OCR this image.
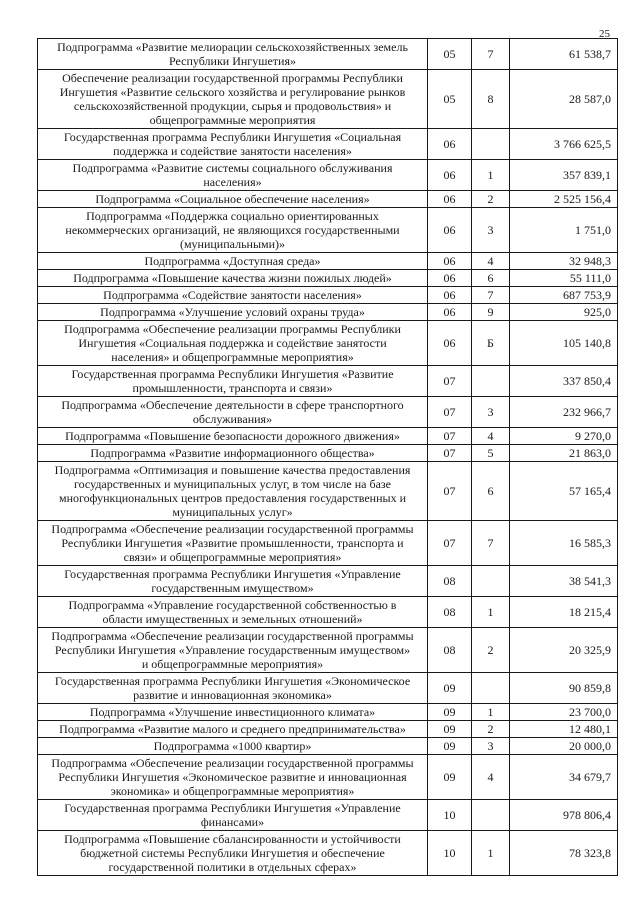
25
Подпрограмма «Развитие мелиорации сельскохозяйственных земель
Республики Ингушетия»	05	7	61 538,7
Обеспечение реализации государственной программы Республики
Ингушетия «Развитие сельского хозяйства и регулирование рынков
сельскохозяйственной продукции, сырья и продовольствия» и
общепрограммные мероприятия	05	8	28 587,0
Государственная программа Республики Ингушетия «Социальная
поддержка и содействие занятости населения»	06		3 766 625,5
Подпрограмма «Развитие системы социального обслуживания
населения»	06	1	357 839,1
Подпрограмма «Социальное обеспечение населения»	06	2	2 525 156,4
Подпрограмма «Поддержка социально ориентированных
некоммерческих организаций, не являющихся государственными
(муниципальными)»	06	3	1 751,0
Подпрограмма «Доступная среда»	06	4	32 948,3
Подпрограмма «Повышение качества жизни пожилых людей»	06	6	55 111,0
Подпрограмма «Содействие занятости населения»	06	7	687 753,9
Подпрограмма «Улучшение условий охраны труда»	06	9	925,0
Подпрограмма «Обеспечение реализации программы Республики
Ингушетия «Социальная поддержка и содействие занятости
населения» и общепрограммные мероприятия»	06	Б	105 140,8
Государственная программа Республики Ингушетия «Развитие
промышленности, транспорта и связи»	07		337 850,4
Подпрограмма «Обеспечение деятельности в сфере транспортного
обслуживания»	07	3	232 966,7
Подпрограмма «Повышение безопасности дорожного движения»	07	4	9 270,0
Подпрограмма «Развитие информационного общества»	07	5	21 863,0
Подпрограмма «Оптимизация и повышение качества предоставления
государственных и муниципальных услуг, в том числе на базе
многофункциональных центров предоставления государственных и
муниципальных услуг»	07	6	57 165,4
Подпрограмма «Обеспечение реализации государственной программы
Республики Ингушетия «Развитие промышленности, транспорта и
связи» и общепрограммные мероприятия»	07	7	16 585,3
Государственная программа Республики Ингушетия «Управление
государственным имуществом»	08		38 541,3
Подпрограмма «Управление государственной собственностью в
области имущественных и земельных отношений»	08	1	18 215,4
Подпрограмма «Обеспечение реализации государственной программы
Республики Ингушетия «Управление государственным имуществом»
и общепрограммные мероприятия»	08	2	20 325,9
Государственная программа Республики Ингушетия «Экономическое
развитие и инновационная экономика»	09		90 859,8
Подпрограмма «Улучшение инвестиционного климата»	09	1	23 700,0
Подпрограмма «Развитие малого и среднего предпринимательства»	09	2	12 480,1
Подпрограмма «1000 квартир»	09	3	20 000,0
Подпрограмма «Обеспечение реализации государственной программы
Республики Ингушетия «Экономическое развитие и инновационная
экономика» и общепрограммные мероприятия»	09	4	34 679,7
Государственная программа Республики Ингушетия «Управление
финансами»	10		978 806,4
Подпрограмма «Повышение сбалансированности и устойчивости
бюджетной системы Республики Ингушетия и обеспечение
государственной политики в отдельных сферах»	10	1	78 323,8
